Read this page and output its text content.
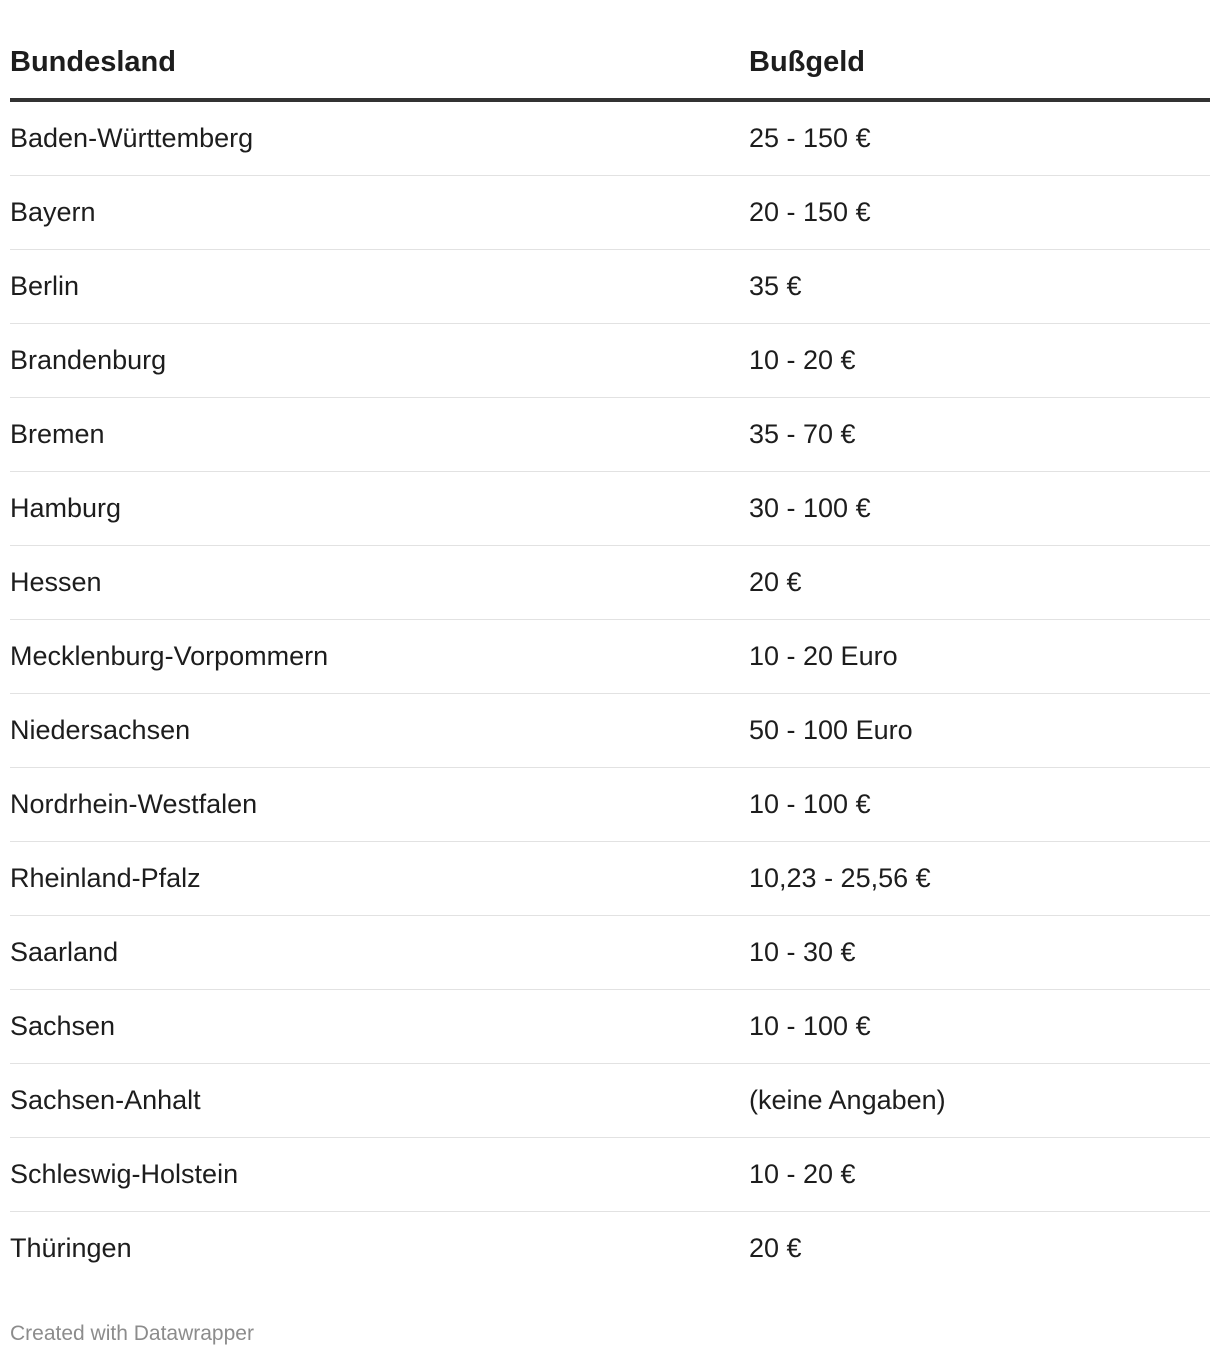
Bundesland	Bußgeld
Baden-Württemberg	25 - 150 €
Bayern	20 - 150 €
Berlin	35 €
Brandenburg	10 - 20 €
Bremen	35 - 70 €
Hamburg	30 - 100 €
Hessen	20 €
Mecklenburg-Vorpommern	10 - 20 Euro
Niedersachsen	50 - 100 Euro
Nordrhein-Westfalen	10 - 100 €
Rheinland-Pfalz	10,23 - 25,56 €
Saarland	10 - 30 €
Sachsen	10 - 100 €
Sachsen-Anhalt	(keine Angaben)
Schleswig-Holstein	10 - 20 €
Thüringen	20 €
Created with Datawrapper
